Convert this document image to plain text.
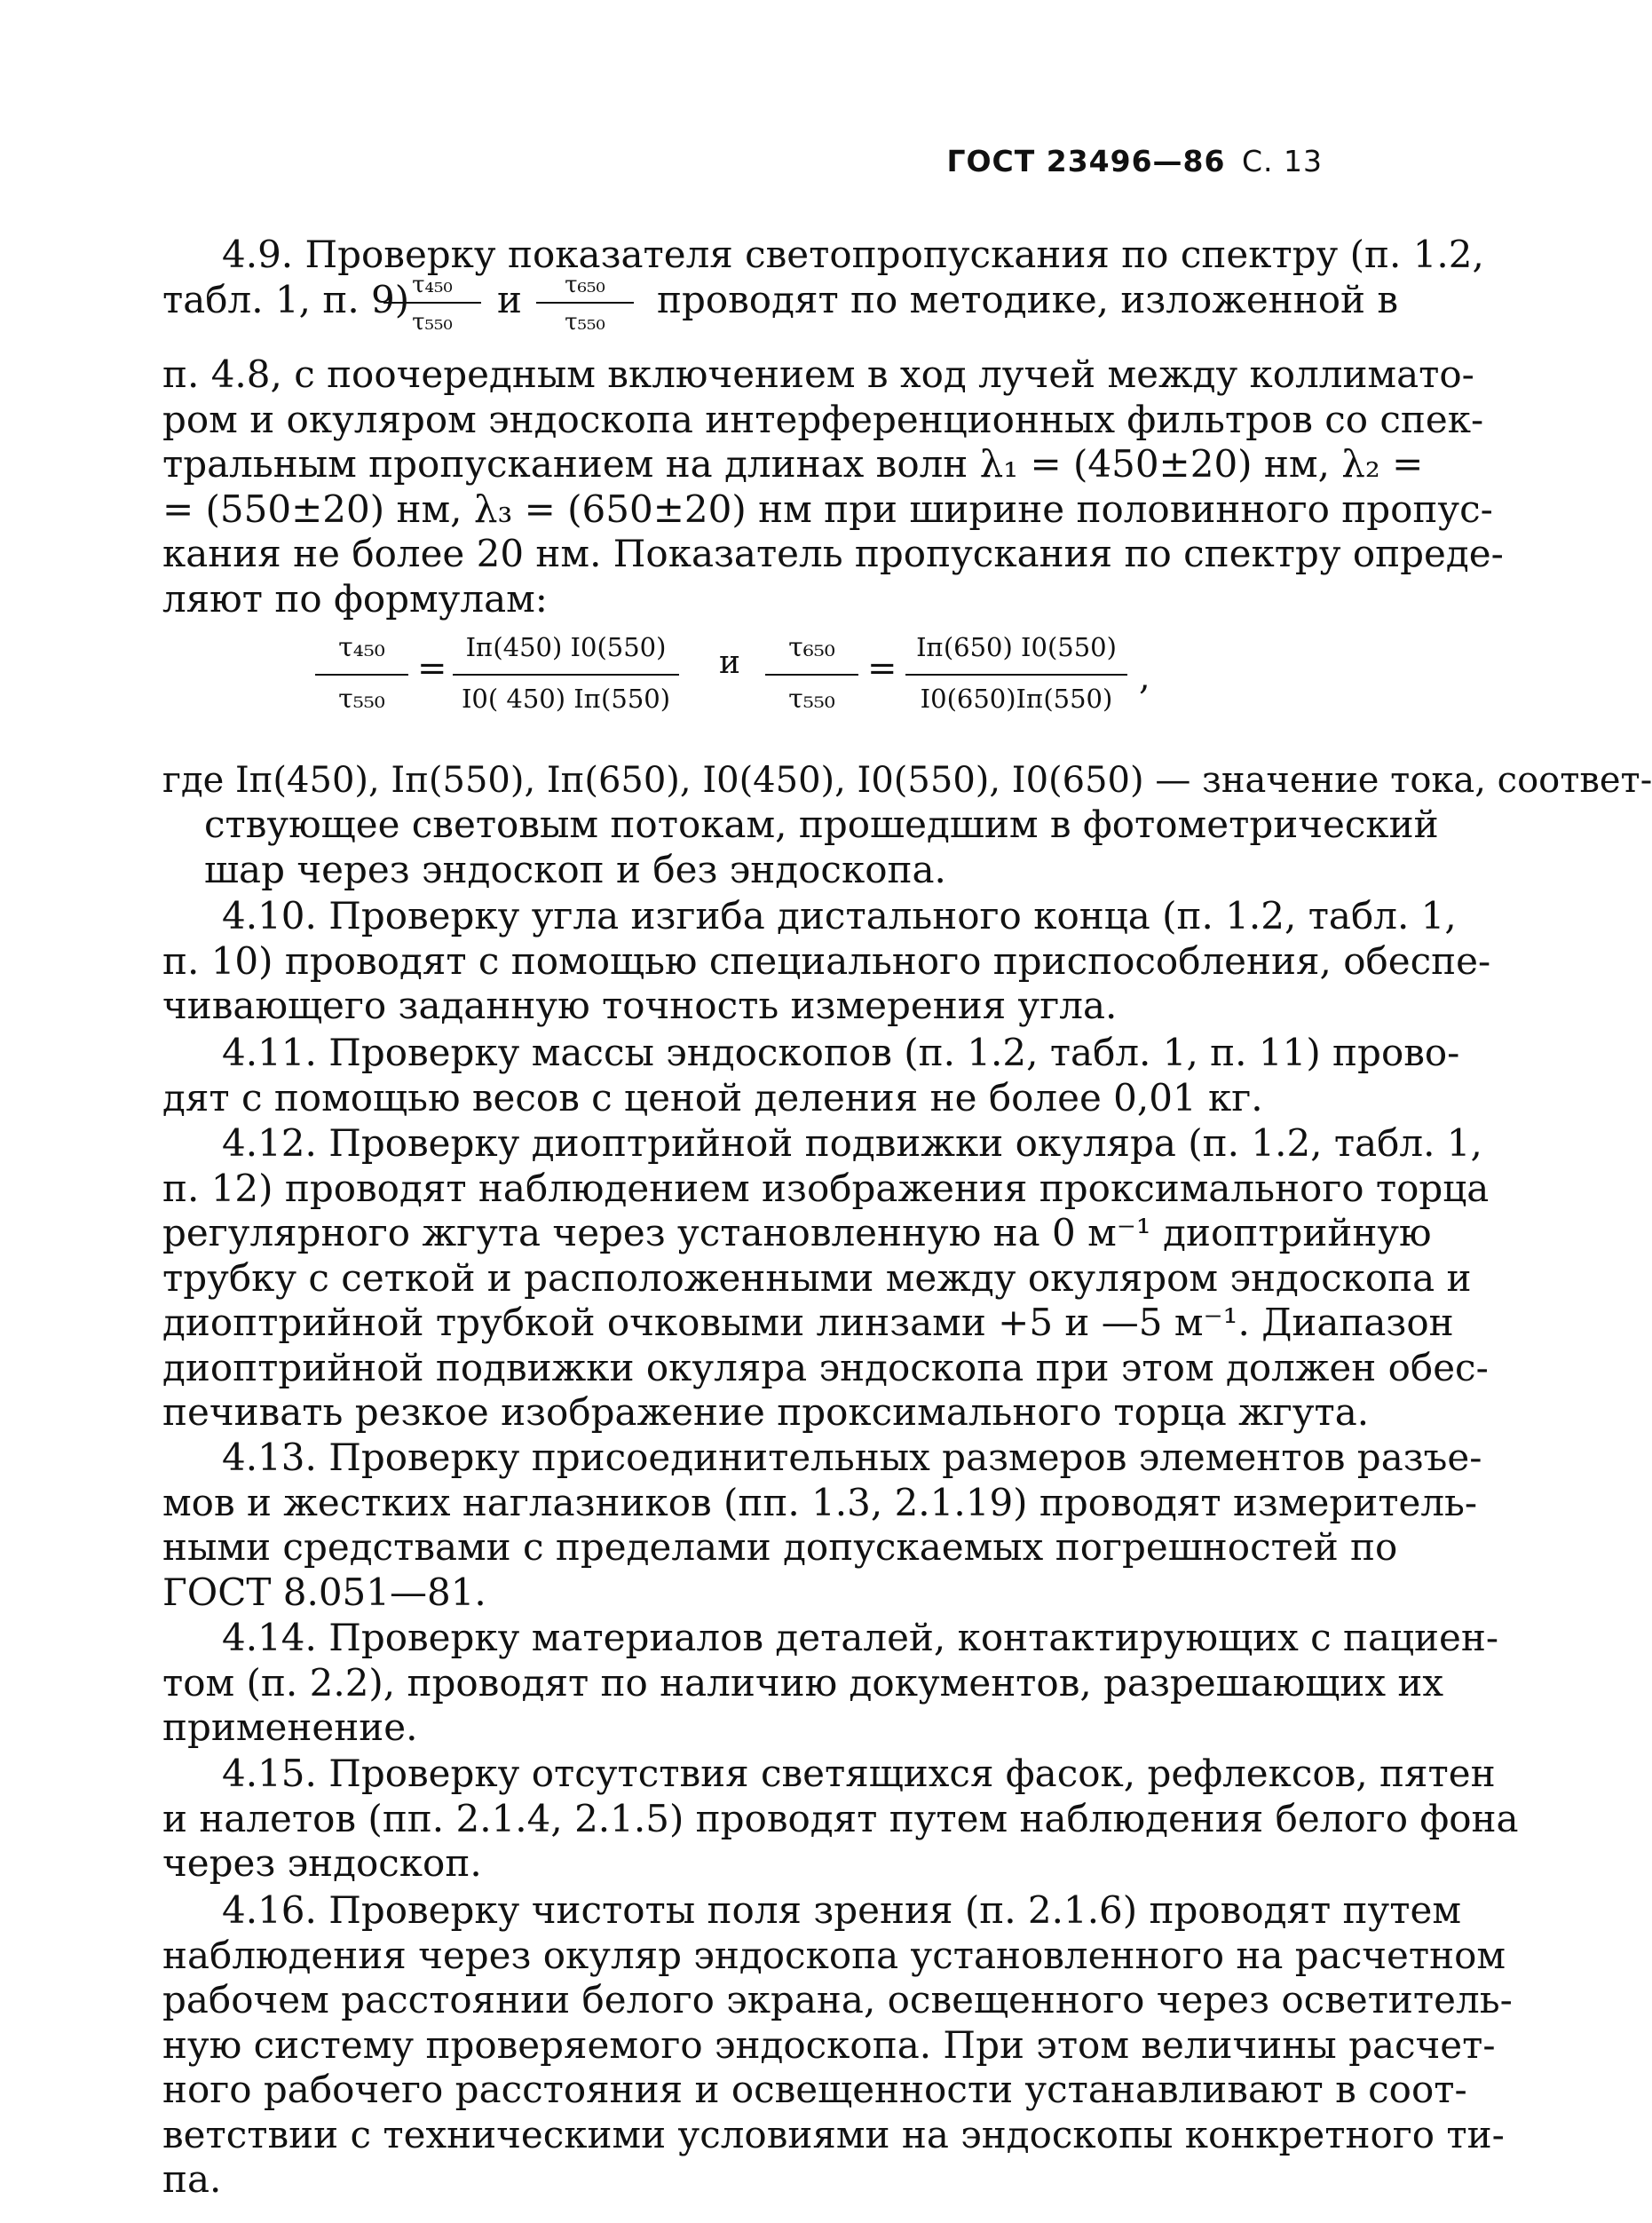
ГОСТ 23496—86 С. 13
4.9. Проверку показателя светопропускания по спектру (п. 1.2,
табл. 1, п. 9)
$\frac{\text{τ₄₅₀}}{\text{τ₅₅₀}}$ и $\frac{\text{τ₆₅₀}}{\text{τ₅₅₀}}$ проводят по методике, изложенной в
п. 4.8, с поочередным включением в ход лучей между коллимато-
ром и окуляром эндоскопа интерференционных фильтров со спек-
тральным пропусканием на длинах волн λ₁ = (450±20) нм, λ₂ =
= (550±20) нм, λ₃ = (650±20) нм при ширине половинного пропус-
кания не более 20 нм. Показатель пропускания по спектру опреде-
ляют по формулам:
τ₄₅₀
τ₅₅₀
=
Iп(450) I0(550)
I0( 450) Iп(550)
и	τ₆₅₀
τ₅₅₀
=
Iп(650) I0(550)
I0(650)Iп(550)
,
где Iп(450), Iп(550), Iп(650), I0(450), I0(550), I0(650) — значение тока, соответ-
ствующее световым потокам, прошедшим в фотометрический
шар через эндоскоп и без эндоскопа.
4.10. Проверку угла изгиба дистального конца (п. 1.2, табл. 1,
п. 10) проводят с помощью специального приспособления, обеспе-
чивающего заданную точность измерения угла.
4.11. Проверку массы эндоскопов (п. 1.2, табл. 1, п. 11) прово-
дят с помощью весов с ценой деления не более 0,01 кг.
4.12. Проверку диоптрийной подвижки окуляра (п. 1.2, табл. 1,
п. 12) проводят наблюдением изображения проксимального торца
регулярного жгута через установленную на 0 м⁻¹ диоптрийную
трубку с сеткой и расположенными между окуляром эндоскопа и
диоптрийной трубкой очковыми линзами +5 и —5 м⁻¹. Диапазон
диоптрийной подвижки окуляра эндоскопа при этом должен обес-
печивать резкое изображение проксимального торца жгута.
4.13. Проверку присоединительных размеров элементов разъе-
мов и жестких наглазников (пп. 1.3, 2.1.19) проводят измеритель-
ными средствами с пределами допускаемых погрешностей по
ГОСТ 8.051—81.
4.14. Проверку материалов деталей, контактирующих с пациен-
том (п. 2.2), проводят по наличию документов, разрешающих их
применение.
4.15. Проверку отсутствия светящихся фасок, рефлексов, пятен
и налетов (пп. 2.1.4, 2.1.5) проводят путем наблюдения белого фона
через эндоскоп.
4.16. Проверку чистоты поля зрения (п. 2.1.6) проводят путем
наблюдения через окуляр эндоскопа установленного на расчетном
рабочем расстоянии белого экрана, освещенного через осветитель-
ную систему проверяемого эндоскопа. При этом величины расчет-
ного рабочего расстояния и освещенности устанавливают в соот-
ветствии с техническими условиями на эндоскопы конкретного ти-
па.
